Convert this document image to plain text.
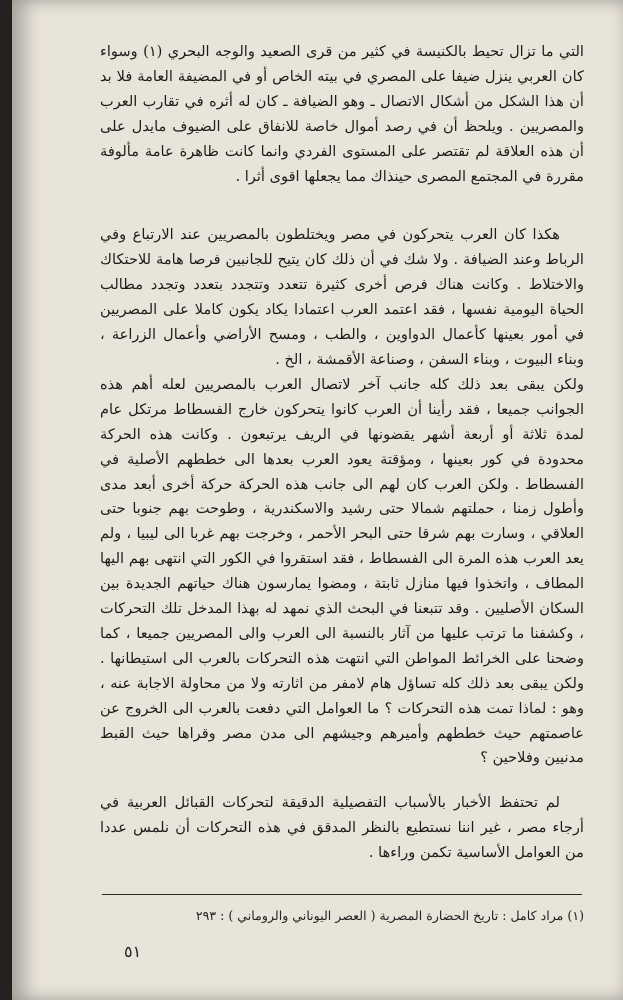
التي ما تزال تحيط بالكنيسة في كثير من قرى الصعيد والوجه البحري (١) وسواء كان العربي ينزل ضيفا على المصري في بيته الخاص أو في المضيفة العامة فلا بد أن هذا الشكل من أشكال الاتصال ـ وهو الضيافة ـ كان له أثره في تقارب العرب والمصريين . ويلحظ أن في رصد أموال خاصة للانفاق على الضيوف مايدل على أن هذه العلاقة لم تقتصر على المستوى الفردي وانما كانت ظاهرة عامة مألوفة مقررة في المجتمع المصرى حينذاك مما يجعلها اقوى أثرا .

هكذا كان العرب يتحركون في مصر ويختلطون بالمصريين عند الارتباع وفي الرباط وعند الضيافة . ولا شك في أن ذلك كان يتيح للجانبين فرصا هامة للاحتكاك والاختلاط . وكانت هناك فرص أخرى كثيرة تتعدد وتتجدد بتعدد وتجدد مطالب الحياة اليومية نفسها ، فقد اعتمد العرب اعتمادا يكاد يكون كاملا على المصريين في أمور بعينها كأعمال الدواوين ، والطب ، ومسح الأراضي وأعمال الزراعة ، وبناء البيوت ، وبناء السفن ، وصناعة الأقمشة ، الخ .

ولكن يبقى بعد ذلك كله جانب آخر لاتصال العرب بالمصريين لعله أهم هذه الجوانب جميعا ، فقد رأينا أن العرب كانوا يتحركون خارج الفسطاط مرتكل عام لمدة ثلاثة أو أربعة أشهر يقضونها في الريف يرتبعون . وكانت هذه الحركة محدودة في كور بعينها ، ومؤقتة يعود العرب بعدها الى خططهم الأصلية في الفسطاط . ولكن العرب كان لهم الى جانب هذه الحركة حركة أخرى أبعد مدى وأطول زمنا ، حملتهم شمالا حتى رشيد والاسكندرية ، وطوحت بهم جنوبا حتى العلاقي ، وسارت بهم شرقا حتى البحر الأحمر ، وخرجت بهم غربا الى ليبيا ، ولم يعد العرب هذه المرة الى الفسطاط ، فقد استقروا في الكور التي انتهى بهم اليها المطاف ، واتخذوا فيها منازل ثابتة ، ومضوا يمارسون هناك حياتهم الجديدة بين السكان الأصليين . وقد تتبعنا في البحث الذي نمهد له بهذا المدخل تلك التحركات ، وكشفنا ما ترتب عليها من آثار بالنسبة الى العرب والى المصريين جميعا ، كما وضحنا على الخرائط المواطن التي انتهت هذه التحركات بالعرب الى استيطانها . ولكن يبقى بعد ذلك كله تساؤل هام لامفر من اثارته ولا من محاولة الاجابة عنه ، وهو : لماذا تمت هذه التحركات ؟ ما العوامل التي دفعت بالعرب الى الخروج عن عاصمتهم حيث خططهم وأميرهم وجيشهم الى مدن مصر وقراها حيث القبط مدنيين وفلاحين ؟

لم تحتفظ الأخبار بالأسباب التفصيلية الدقيقة لتحركات القبائل العربية في أرجاء مصر ، غير اننا نستطيع بالنظر المدقق في هذه التحركات أن نلمس عددا من العوامل الأساسية تكمن وراءها .

(١) مراد كامل : تاريخ الحضارة المصرية ( العصر اليوناني والروماني ) : ٢٩٣
٥١
